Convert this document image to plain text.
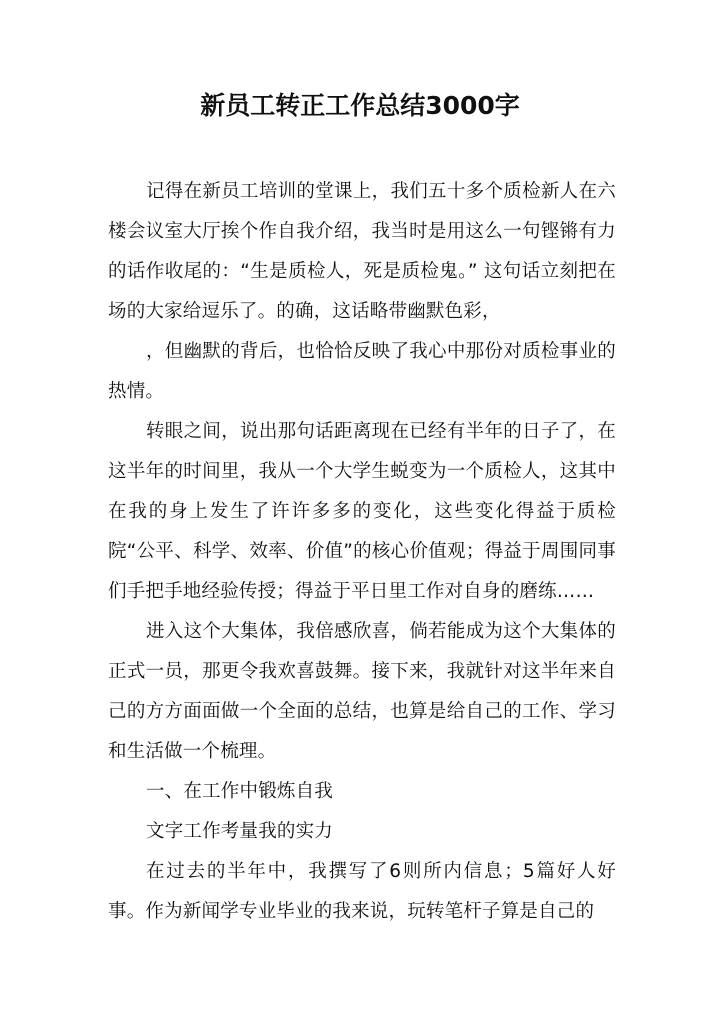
新员工转正工作总结3000字

记得在新员工培训的堂课上，我们五十多个质检新人在六楼会议室大厅挨个作自我介绍，我当时是用这么一句铿锵有力的话作收尾的：“生是质检人，死是质检鬼。” 这句话立刻把在场的大家给逗乐了。的确，这话略带幽默色彩，

，但幽默的背后，也恰恰反映了我心中那份对质检事业的热情。

转眼之间，说出那句话距离现在已经有半年的日子了，在这半年的时间里，我从一个大学生蜕变为一个质检人，这其中在我的身上发生了许许多多的变化，这些变化得益于质检院“公平、科学、效率、价值”的核心价值观；得益于周围同事们手把手地经验传授；得益于平日里工作对自身的磨练……

进入这个大集体，我倍感欣喜，倘若能成为这个大集体的正式一员，那更令我欢喜鼓舞。接下来，我就针对这半年来自己的方方面面做一个全面的总结，也算是给自己的工作、学习和生活做一个梳理。

一、在工作中锻炼自我

文字工作考量我的实力

在过去的半年中，我撰写了6则所内信息；5篇好人好事。作为新闻学专业毕业的我来说，玩转笔杆子算是自己的
